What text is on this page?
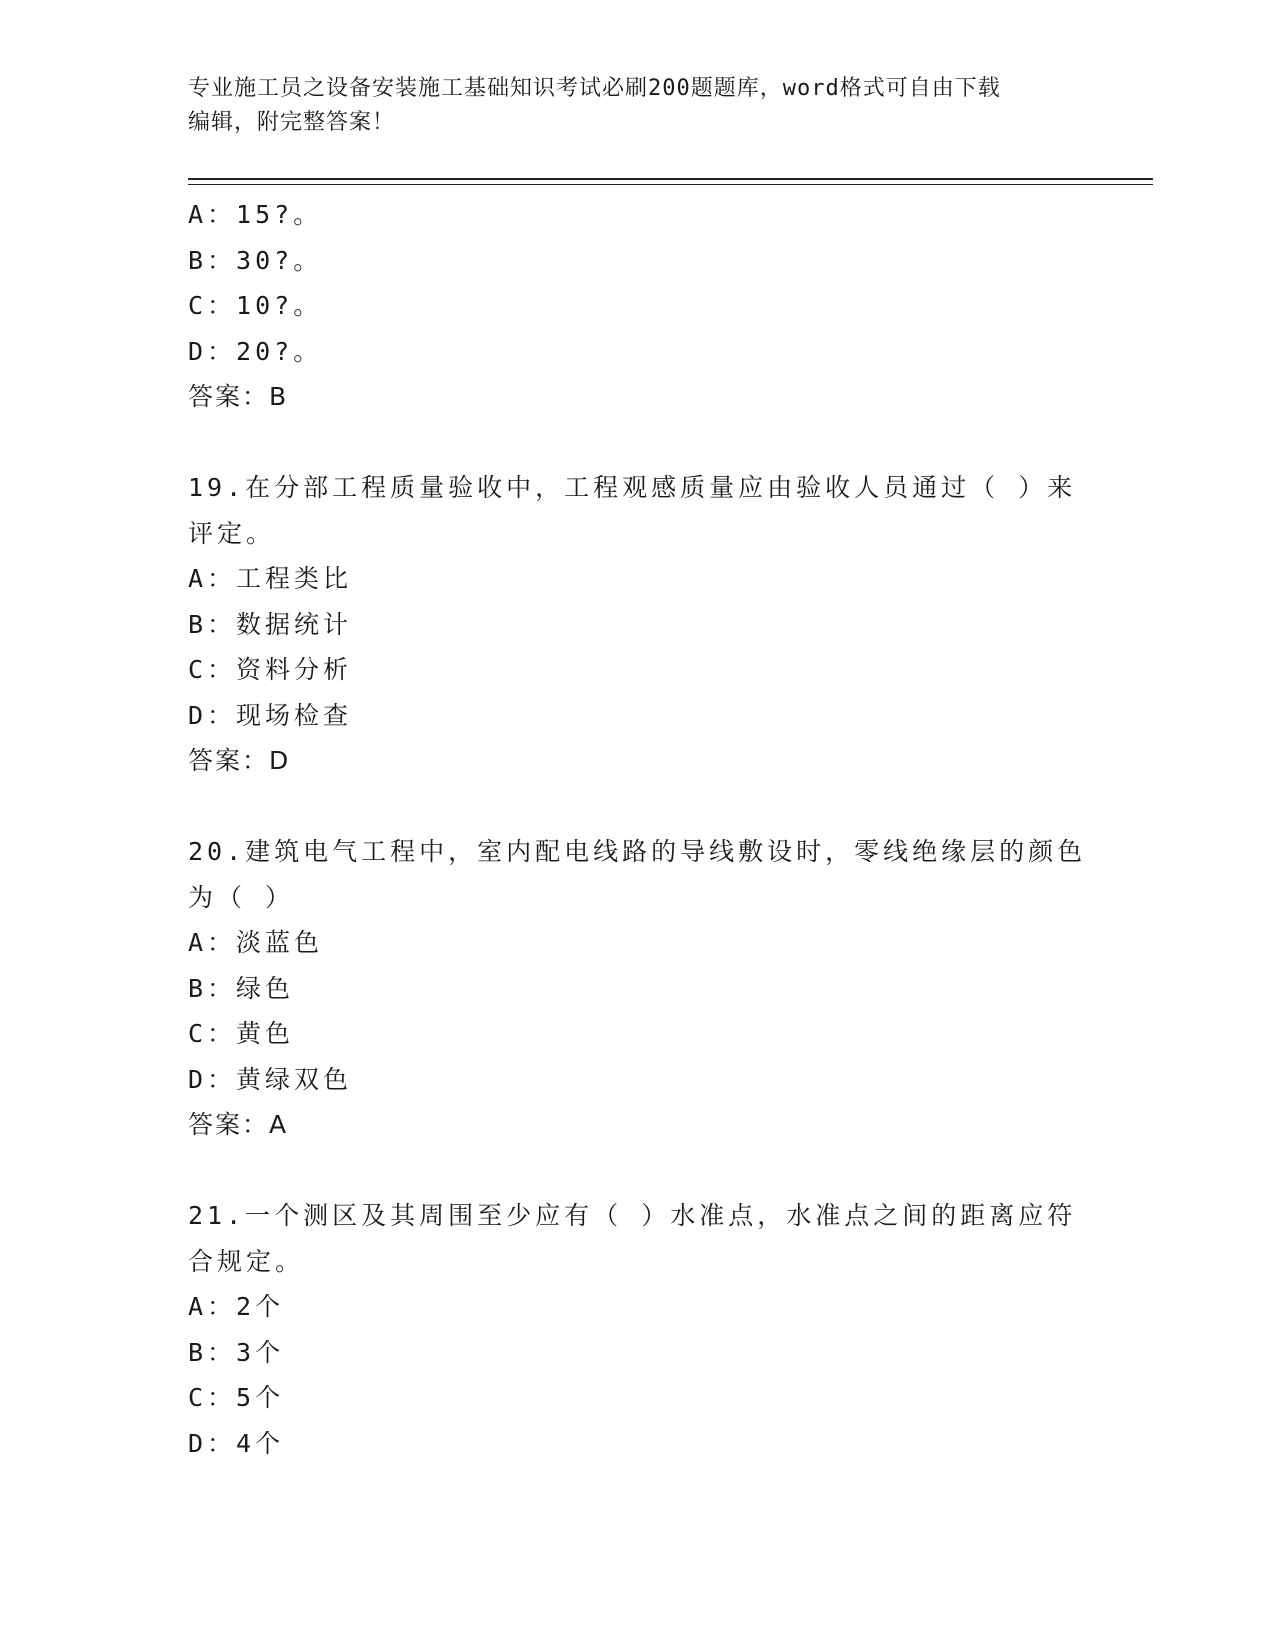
专业施工员之设备安装施工基础知识考试必刷200题题库，word格式可自由下载
编辑，附完整答案！
A：15?。
B：30?。
C：10?。
D：20?。
答案：B
19.在分部工程质量验收中，工程观感质量应由验收人员通过（ ）来
评定。
A：工程类比
B：数据统计
C：资料分析
D：现场检查
答案：D
20.建筑电气工程中，室内配电线路的导线敷设时，零线绝缘层的颜色
为（ ）
A：淡蓝色
B：绿色
C：黄色
D：黄绿双色
答案：A
21.一个测区及其周围至少应有（ ）水准点，水准点之间的距离应符
合规定。
A：2个
B：3个
C：5个
D：4个
